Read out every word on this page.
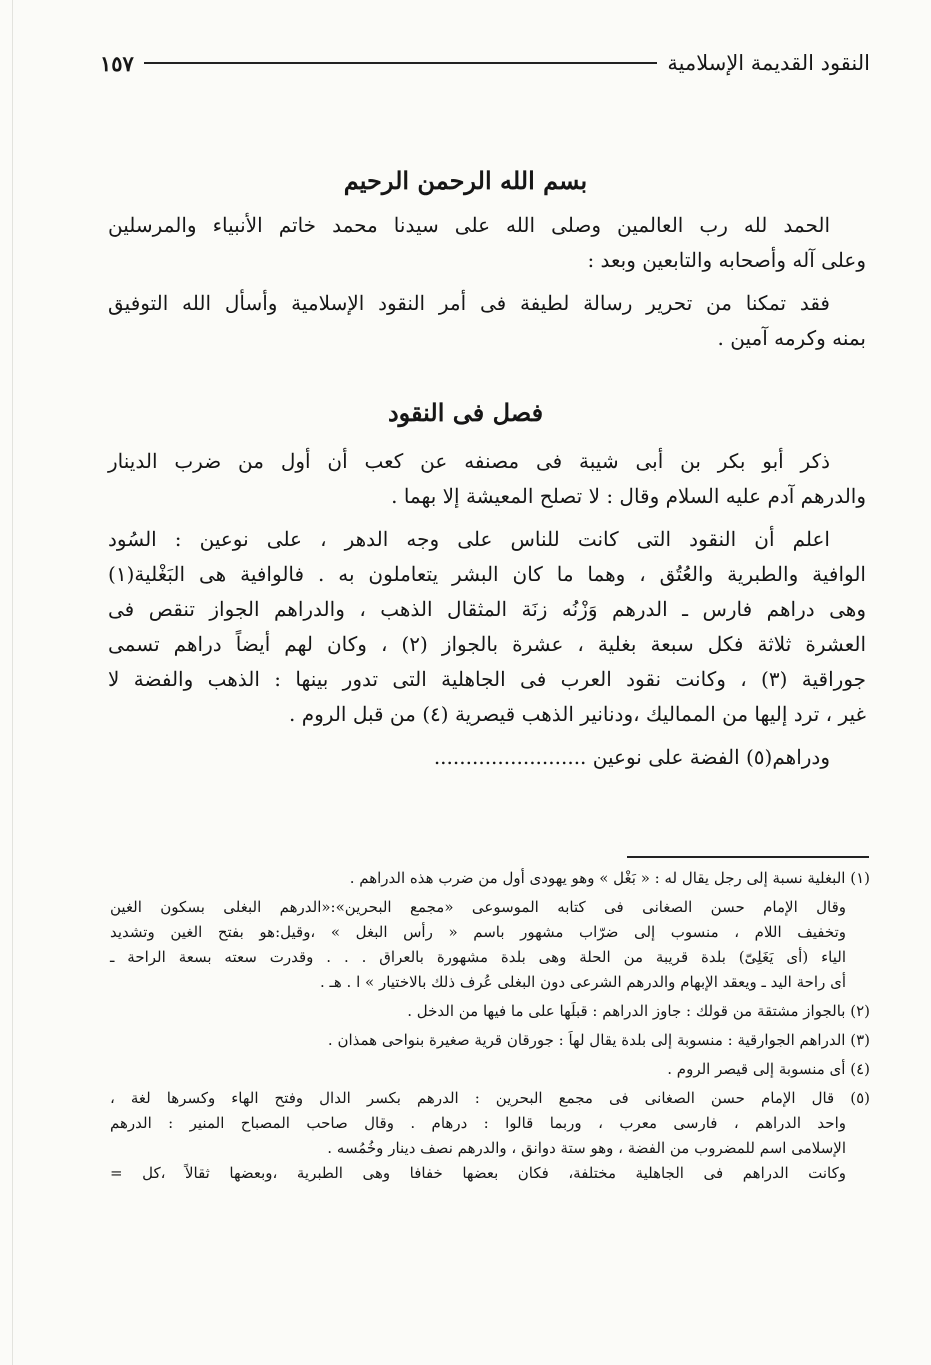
النقود القديمة الإسلامية
١٥٧
بسم الله الرحمن الرحيم
الحمد لله رب العالمين وصلى الله على سيدنا محمد خاتم الأنبياء والمرسلين
وعلى آله وأصحابه والتابعين وبعد :
فقد تمكنا من تحرير رسالة لطيفة فى أمر النقود الإسلامية وأسأل الله التوفيق
بمنه وكرمه آمين .
فصل فى النقود
ذكر أبو بكر بن أبى شيبة فى مصنفه عن كعب أن أول من ضرب الدينار
والدرهم آدم عليه السلام وقال : لا تصلح المعيشة إلا بهما .
اعلم أن النقود التى كانت للناس على وجه الدهر ، على نوعين : السُود
الوافية والطبرية والعُتُق ، وهما ما كان البشر يتعاملون به . فالوافية هى البَغْلية(١)
وهى دراهم فارس ـ الدرهم وَزْنُه زنَة المثقال الذهب ، والدراهم الجواز تنقص فى
العشرة ثلاثة فكل سبعة بغلية ، عشرة بالجواز (٢) ، وكان لهم أيضاً دراهم تسمى
جوراقية (٣) ، وكانت نقود العرب فى الجاهلية التى تدور بينها : الذهب والفضة لا
غير ، ترد إليها من المماليك ،ودنانير الذهب قيصرية (٤) من قبل الروم .
ودراهم(٥) الفضة على نوعين ........................
(١) البغلية نسبة إلى رجل يقال له : « بَغْل » وهو يهودى أول من ضرب هذه الدراهم .
وقال الإمام حسن الصغانى فى كتابه الموسوعى «مجمع البحرين»:«الدرهم البغلى بسكون الغين
وتخفيف اللام ، منسوب إلى ضرّاب مشهور باسم « رأس البغل » ،وقيل:هو بفتح الغين وتشديد
الياء (أى يَغَلِىّ) بلدة قريبة من الحلة وهى بلدة مشهورة بالعراق . . . وقدرت سعته بسعة الراحة ـ
أى راحة اليد ـ ويعقد الإبهام والدرهم الشرعى دون البغلى عُرف ذلك بالاختيار » ا . هـ .
(٢) بالجواز مشتقة من قولك : جاوز الدراهم : قبلَها على ما فيها من الدخل .
(٣) الدراهم الجوارقية : منسوبة إلى بلدة يقال لهاَ : جورقان قرية صغيرة بنواحى همذان .
(٤) أى منسوبة إلى قيصر الروم .
(٥) قال الإمام حسن الصغانى فى مجمع البحرين : الدرهم بكسر الدال وفتح الهاء وكسرها لغة ،
واحد الدراهم ، فارسى معرب ، وربما قالوا : درهام . وقال صاحب المصباح المنير : الدرهم
الإسلامى اسم للمضروب من الفضة ، وهو ستة دوانق ، والدرهم نصف دينار وخُمُسه .
وكانت الدراهم فى الجاهلية مختلفة، فكان بعضها خفافا وهى الطبرية ،وبعضها ثقالاً ،كل =
